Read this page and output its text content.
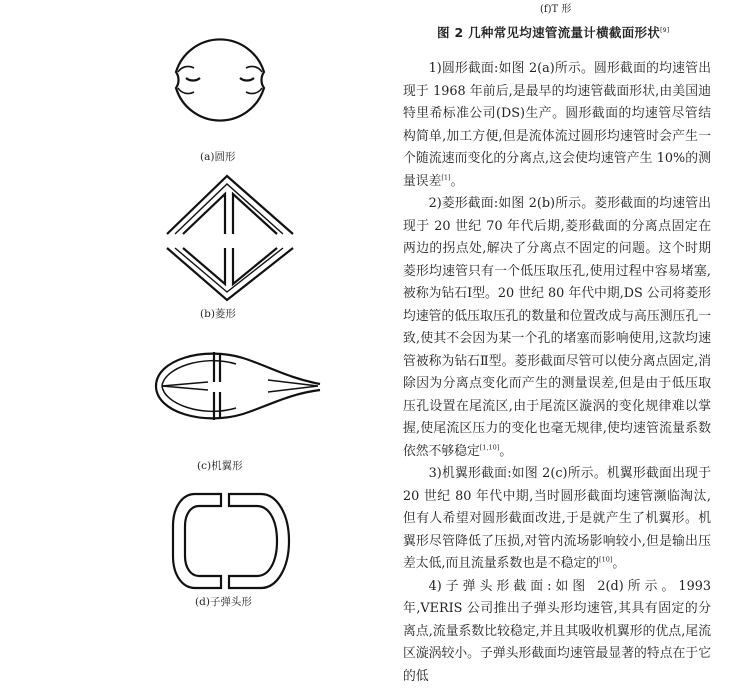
(f)T 形
图 2 几种常见均速管流量计横截面形状[9]
(a)圆形
(b)菱形
(c)机翼形
(d)子弹头形

1)圆形截面:如图 2(a)所示。圆形截面的均速管出现于 1968 年前后,是最早的均速管截面形状,由美国迪特里希标准公司(DS)生产。圆形截面的均速管尽管结构简单,加工方便,但是流体流过圆形均速管时会产生一个随流速而变化的分离点,这会使均速管产生 10%的测量误差[1]。

2)菱形截面:如图 2(b)所示。菱形截面的均速管出现于 20 世纪 70 年代后期,菱形截面的分离点固定在两边的拐点处,解决了分离点不固定的问题。这个时期菱形均速管只有一个低压取压孔,使用过程中容易堵塞,被称为钻石Ⅰ型。20 世纪 80 年代中期,DS 公司将菱形均速管的低压取压孔的数量和位置改成与高压测压孔一致,使其不会因为某一个孔的堵塞而影响使用,这款均速管被称为钻石Ⅱ型。菱形截面尽管可以使分离点固定,消除因为分离点变化而产生的测量误差,但是由于低压取压孔设置在尾流区,由于尾流区漩涡的变化规律难以掌握,使尾流区压力的变化也毫无规律,使均速管流量系数依然不够稳定[1,10]。

3)机翼形截面:如图 2(c)所示。机翼形截面出现于 20 世纪 80 年代中期,当时圆形截面均速管濒临淘汰,但有人希望对圆形截面改进,于是就产生了机翼形。机翼形尽管降低了压损,对管内流场影响较小,但是输出压差太低,而且流量系数也是不稳定的[10]。

4)子弹头形截面:如图 2(d)所示。1993 年,VERIS 公司推出子弹头形均速管,其具有固定的分离点,流量系数比较稳定,并且其吸收机翼形的优点,尾流区漩涡较小。子弹头形截面均速管最显著的特点在于它的低
